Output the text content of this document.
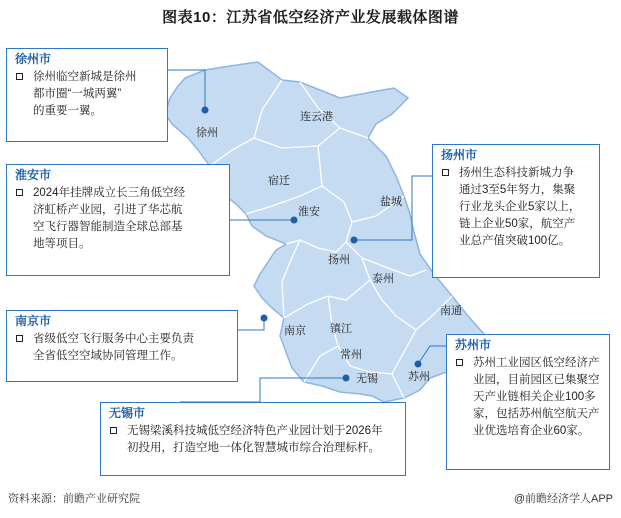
图表10：江苏省低空经济产业发展载体图谱
徐州
连云港
宿迁
淮安
盐城
扬州
泰州
南通
南京 镇江
常州
无锡	苏州
徐州市
徐州临空新城是徐州
都市圈“一城两翼”
的重要一翼。
淮安市
2024年挂牌成立长三角低空经
济虹桥产业园，引进了华芯航
空飞行器智能制造全球总部基
地等项目。
扬州市
扬州生态科技新城力争
通过3至5年努力，集聚
行业龙头企业5家以上，
链上企业50家，航空产
业总产值突破100亿。
南京市
省级低空飞行服务中心主要负责
全省低空空域协同管理工作。
苏州市
苏州工业园区低空经济产
业园，目前园区已集聚空
天产业链相关企业100多
家，包括苏州航空航天产
业优选培育企业60家。
无锡市
无锡梁溪科技城低空经济特色产业园计划于2026年
初投用，打造空地一体化智慧城市综合治理标杆。
资料来源：前瞻产业研究院	@前瞻经济学人APP
